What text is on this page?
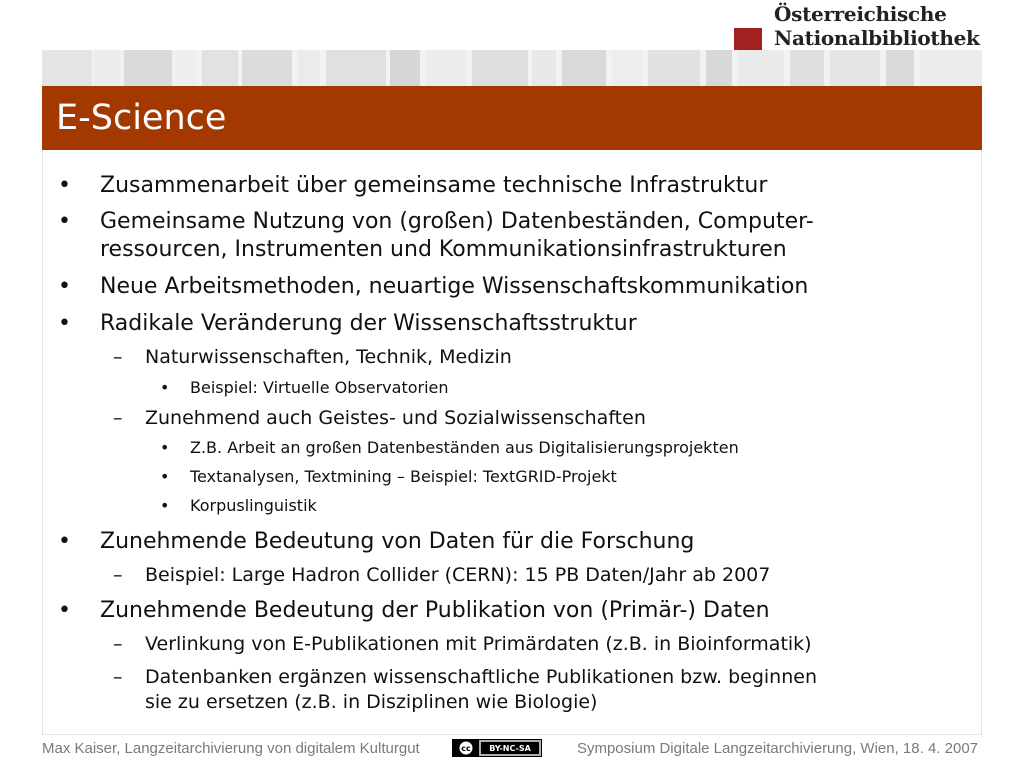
Österreichische
Nationalbibliothek
E-Science
• Zusammenarbeit über gemeinsame technische Infrastruktur
• Gemeinsame Nutzung von (großen) Datenbeständen, Computer-
ressourcen, Instrumenten und Kommunikationsinfrastrukturen
• Neue Arbeitsmethoden, neuartige Wissenschaftskommunikation
• Radikale Veränderung der Wissenschaftsstruktur
– Naturwissenschaften, Technik, Medizin
• Beispiel: Virtuelle Observatorien
– Zunehmend auch Geistes- und Sozialwissenschaften
• Z.B. Arbeit an großen Datenbeständen aus Digitalisierungsprojekten
• Textanalysen, Textmining – Beispiel: TextGRID-Projekt
• Korpuslinguistik
• Zunehmende Bedeutung von Daten für die Forschung
– Beispiel: Large Hadron Collider (CERN): 15 PB Daten/Jahr ab 2007
• Zunehmende Bedeutung der Publikation von (Primär-) Daten
– Verlinkung von E-Publikationen mit Primärdaten (z.B. in Bioinformatik)
– Datenbanken ergänzen wissenschaftliche Publikationen bzw. beginnen
sie zu ersetzen (z.B. in Disziplinen wie Biologie)
Max Kaiser, Langzeitarchivierung von digitalem Kulturgut	cc BY-NC-SA	Symposium Digitale Langzeitarchivierung, Wien, 18. 4. 2007
